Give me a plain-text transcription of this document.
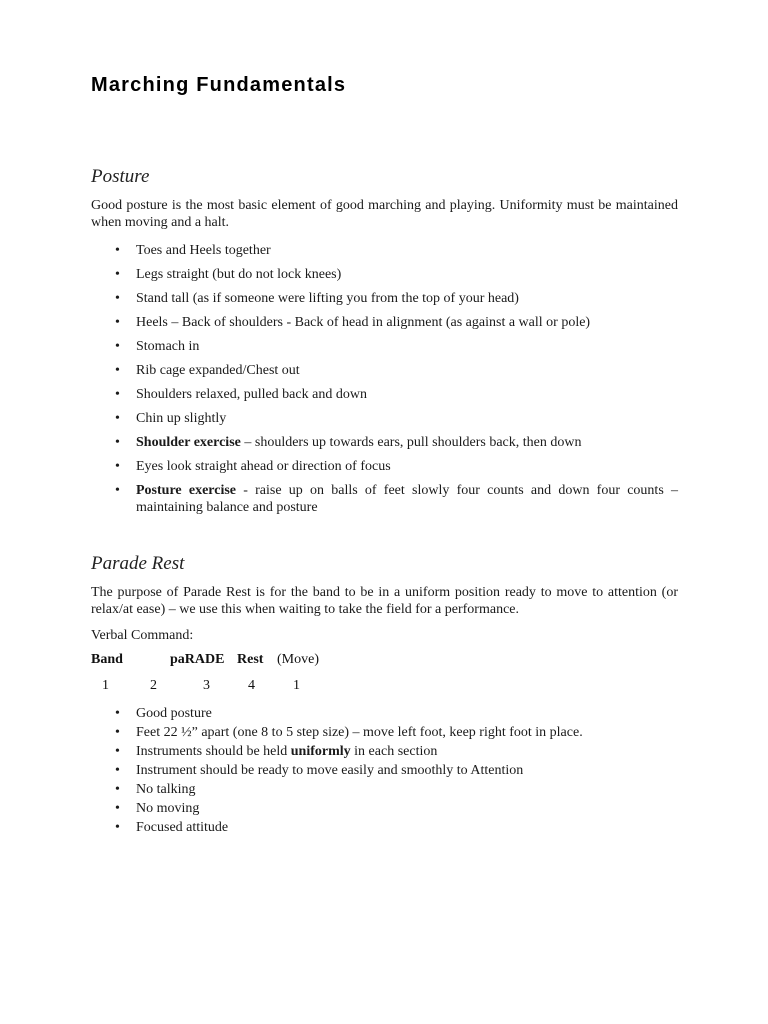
Marching Fundamentals
Posture

Good posture is the most basic element of good marching and playing. Uniformity must be maintained when moving and a halt.

• Toes and Heels together
• Legs straight (but do not lock knees)
• Stand tall (as if someone were lifting you from the top of your head)
• Heels – Back of shoulders - Back of head in alignment (as against a wall or pole)
• Stomach in
• Rib cage expanded/Chest out
• Shoulders relaxed, pulled back and down
• Chin up slightly
• Shoulder exercise – shoulders up towards ears, pull shoulders back, then down
• Eyes look straight ahead or direction of focus
• Posture exercise - raise up on balls of feet slowly four counts and down four counts – maintaining balance and posture
Parade Rest

The purpose of Parade Rest is for the band to be in a uniform position ready to move to attention (or relax/at ease) – we use this when waiting to take the field for a performance.

Verbal Command:

Band	paRADE Rest (Move)
1	2	3	4	1
• Good posture
• Feet 22 ½” apart (one 8 to 5 step size) – move left foot, keep right foot in place.
• Instruments should be held uniformly in each section
• Instrument should be ready to move easily and smoothly to Attention
• No talking
• No moving
• Focused attitude
